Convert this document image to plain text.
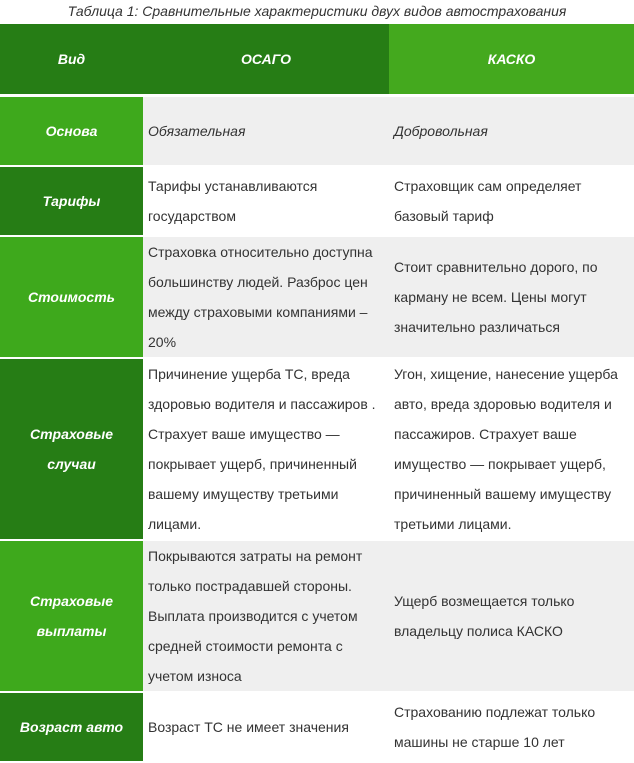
Таблица 1: Сравнительные характеристики двух видов автострахования
Вид	ОСАГО	КАСКО
Основа	Обязательная	Добровольная
Тарифы	Тарифы устанавливаются государством	Страховщик сам определяет базовый тариф
Стоимость	Страховка относительно доступна большинству людей. Разброс цен между страховыми компаниями – 20%	Стоит сравнительно дорого, по карману не всем. Цены могут значительно различаться
Страховые случаи	Причинение ущерба ТС, вреда здоровью водителя и пассажиров . Страхует ваше имущество — покрывает ущерб, причиненный вашему имуществу третьими лицами.	Угон, хищение, нанесение ущерба авто, вреда здоровью водителя и пассажиров. Страхует ваше имущество — покрывает ущерб, причиненный вашему имуществу третьими лицами.
Страховые выплаты	Покрываются затраты на ремонт только пострадавшей стороны. Выплата производится с учетом средней стоимости ремонта с учетом износа	Ущерб возмещается только владельцу полиса КАСКО
Возраст авто	Возраст ТС не имеет значения	Страхованию подлежат только машины не старше 10 лет
